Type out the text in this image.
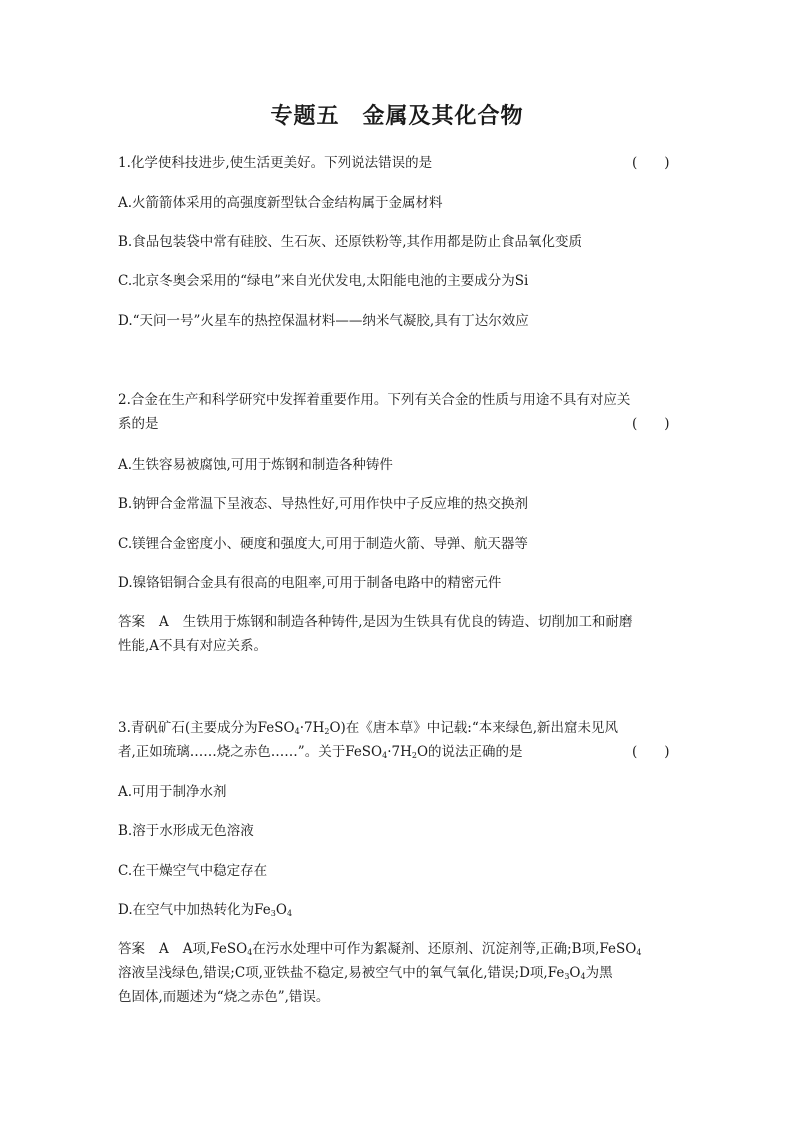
专题五　金属及其化合物
1.化学使科技进步,使生活更美好。下列说法错误的是	(　　)
A.火箭箭体采用的高强度新型钛合金结构属于金属材料
B.食品包装袋中常有硅胶、生石灰、还原铁粉等,其作用都是防止食品氧化变质
C.北京冬奥会采用的“绿电”来自光伏发电,太阳能电池的主要成分为Si
D.“天问一号”火星车的热控保温材料——纳米气凝胶,具有丁达尔效应
2.合金在生产和科学研究中发挥着重要作用。下列有关合金的性质与用途不具有对应关
系的是	(　　)
A.生铁容易被腐蚀,可用于炼钢和制造各种铸件
B.钠钾合金常温下呈液态、导热性好,可用作快中子反应堆的热交换剂
C.镁锂合金密度小、硬度和强度大,可用于制造火箭、导弹、航天器等
D.镍铬铝铜合金具有很高的电阻率,可用于制备电路中的精密元件
答案 A 生铁用于炼钢和制造各种铸件,是因为生铁具有优良的铸造、切削加工和耐磨
性能,A不具有对应关系。
3.青矾矿石(主要成分为$FeSO_4\cdot 7H_2O$)在《唐本草》中记载:“本来绿色,新出窟未见风
者,正如琉璃……烧之赤色……”。关于$FeSO_4\cdot 7H_2O$的说法正确的是	(　　)
A.可用于制净水剂
B.溶于水形成无色溶液
C.在干燥空气中稳定存在
D.在空气中加热转化为$Fe_3O_4$
答案 A A项,FeSO$_4$在污水处理中可作为絮凝剂、还原剂、沉淀剂等,正确;B项,FeSO$_4$
溶液呈浅绿色,错误;C项,亚铁盐不稳定,易被空气中的氧气氧化,错误;D项$,Fe_3O_4$为黑
色固体,而题述为“烧之赤色”,错误。
